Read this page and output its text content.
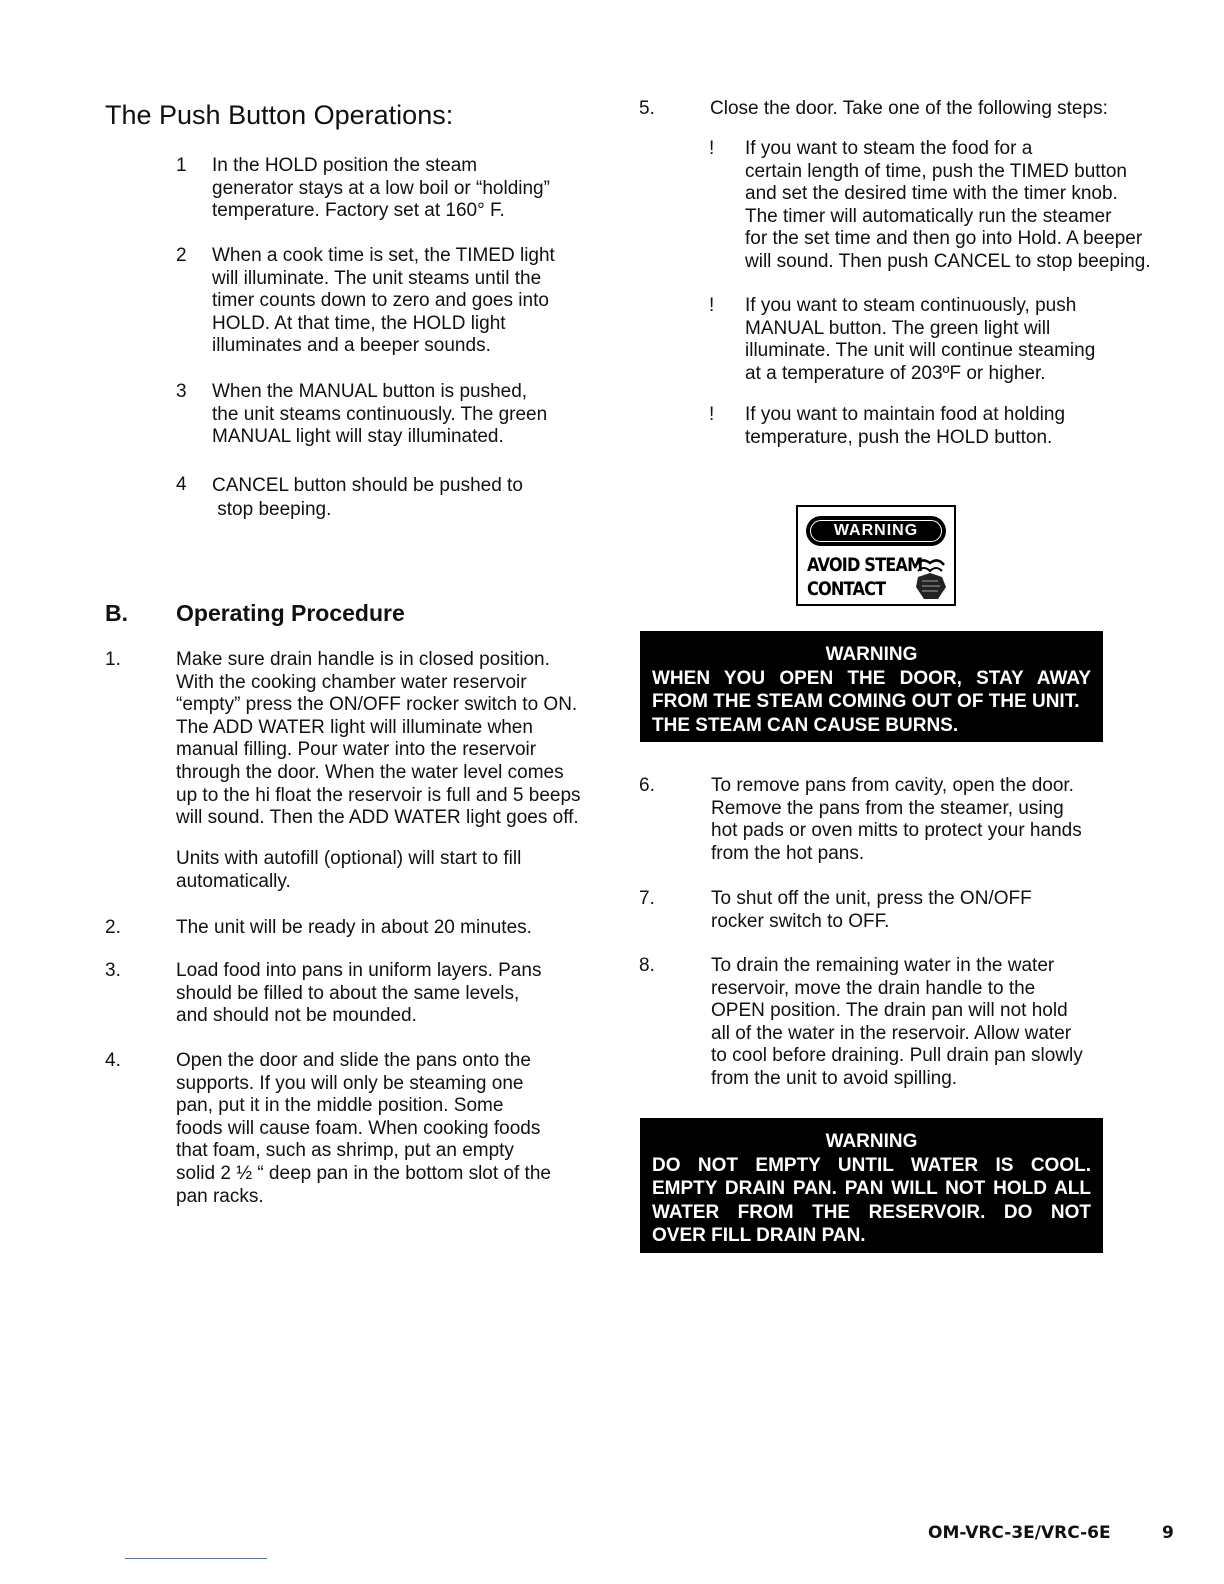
The Push Button Operations:
1 In the HOLD position the steam
generator stays at a low boil or “holding”
temperature. Factory set at 160° F.
2 When a cook time is set, the TIMED light
will illuminate. The unit steams until the
timer counts down to zero and goes into
HOLD. At that time, the HOLD light
illuminates and a beeper sounds.
3 When the MANUAL button is pushed,
the unit steams continuously. The green
MANUAL light will stay illuminated.
4 CANCEL button should be pushed to
stop beeping.
B. Operating Procedure
1.	Make sure drain handle is in closed position.
With the cooking chamber water reservoir
“empty” press the ON/OFF rocker switch to ON.
The ADD WATER light will illuminate when
manual filling. Pour water into the reservoir
through the door. When the water level comes
up to the hi float the reservoir is full and 5 beeps
will sound. Then the ADD WATER light goes off.
Units with autofill (optional) will start to fill
automatically.
2.	The unit will be ready in about 20 minutes.
3.	Load food into pans in uniform layers. Pans
should be filled to about the same levels,
and should not be mounded.
4.	Open the door and slide the pans onto the
supports. If you will only be steaming one
pan, put it in the middle position. Some
foods will cause foam. When cooking foods
that foam, such as shrimp, put an empty
solid 2 ½ “ deep pan in the bottom slot of the
pan racks.
5.	Close the door. Take one of the following steps:
! If you want to steam the food for a
certain length of time, push the TIMED button
and set the desired time with the timer knob.
The timer will automatically run the steamer
for the set time and then go into Hold. A beeper
will sound. Then push CANCEL to stop beeping.
! If you want to steam continuously, push
MANUAL button. The green light will
illuminate. The unit will continue steaming
at a temperature of 203ºF or higher.
! If you want to maintain food at holding
temperature, push the HOLD button.
WARNING
AVOID STEAM
CONTACT
WARNING
WHEN YOU OPEN THE DOOR, STAY AWAY
FROM THE STEAM COMING OUT OF THE UNIT.
THE STEAM CAN CAUSE BURNS.
6.	To remove pans from cavity, open the door.
Remove the pans from the steamer, using
hot pads or oven mitts to protect your hands
from the hot pans.
7.	To shut off the unit, press the ON/OFF
rocker switch to OFF.
8.	To drain the remaining water in the water
reservoir, move the drain handle to the
OPEN position. The drain pan will not hold
all of the water in the reservoir. Allow water
to cool before draining. Pull drain pan slowly
from the unit to avoid spilling.
WARNING
DO NOT EMPTY UNTIL WATER IS COOL.
EMPTY DRAIN PAN. PAN WILL NOT HOLD ALL
WATER FROM THE RESERVOIR. DO NOT
OVER FILL DRAIN PAN.
OM-VRC-3E/VRC-6E	9
